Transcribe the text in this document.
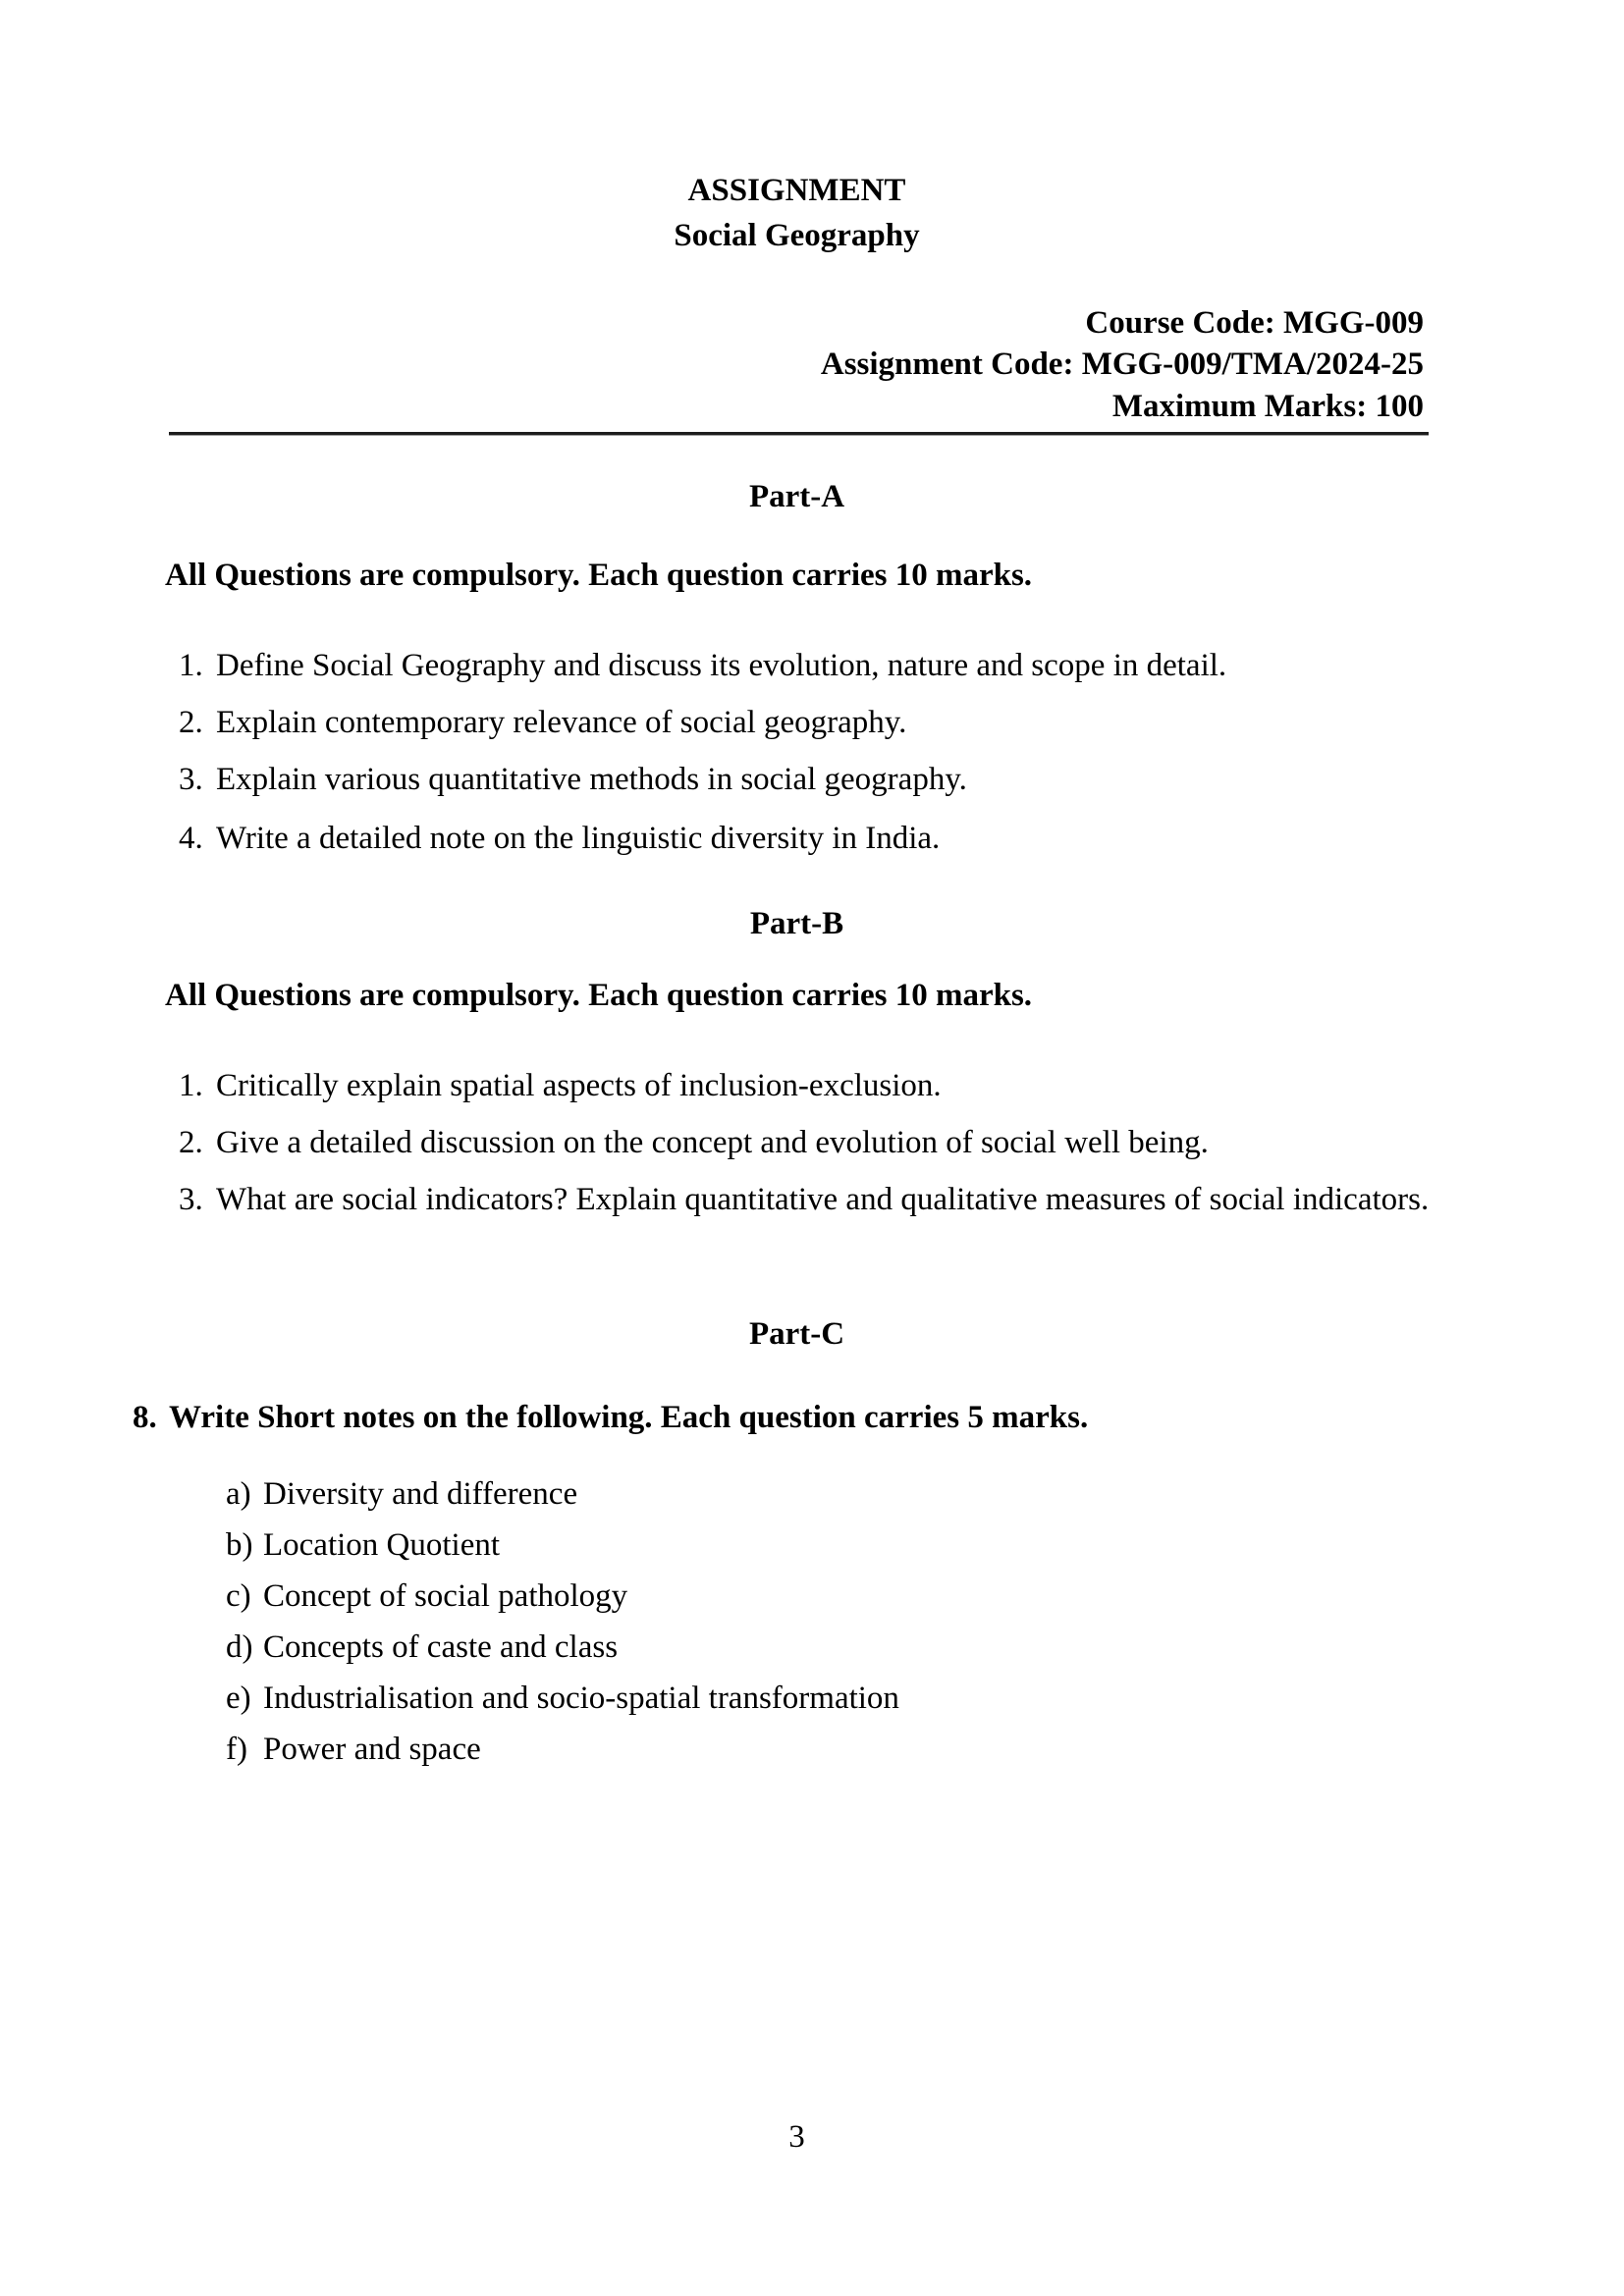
ASSIGNMENT
Social Geography
Course Code: MGG-009
Assignment Code: MGG-009/TMA/2024-25
Maximum Marks: 100
Part-A
All Questions are compulsory. Each question carries 10 marks.
1. Define Social Geography and discuss its evolution, nature and scope in detail.
2. Explain contemporary relevance of social geography.
3. Explain various quantitative methods in social geography.
4. Write a detailed note on the linguistic diversity in India.
Part-B
All Questions are compulsory. Each question carries 10 marks.
1. Critically explain spatial aspects of inclusion-exclusion.
2. Give a detailed discussion on the concept and evolution of social well being.
3. What are social indicators? Explain quantitative and qualitative measures of social indicators.
Part-C
8. Write Short notes on the following. Each question carries 5 marks.
a) Diversity and difference
b) Location Quotient
c) Concept of social pathology
d) Concepts of caste and class
e) Industrialisation and socio-spatial transformation
f) Power and space
3
